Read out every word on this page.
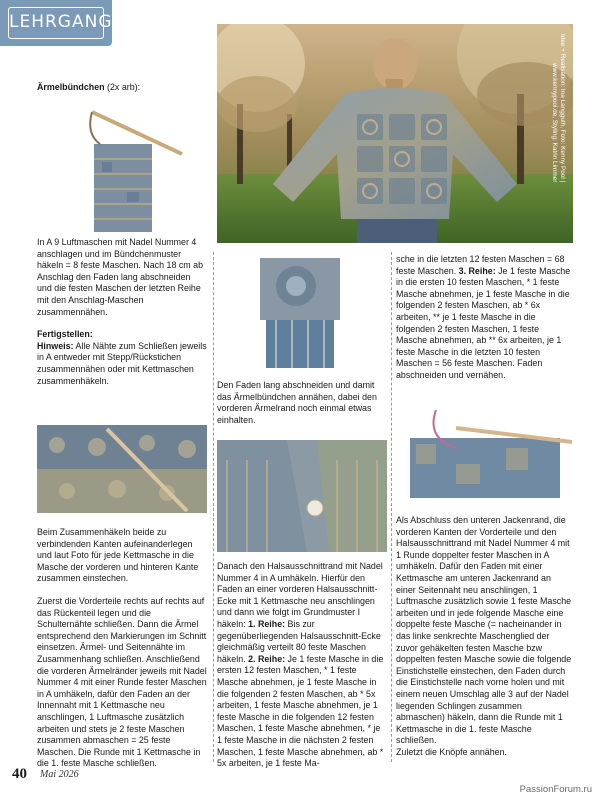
LEHRGANG
Idee + Realisation: Ina Langguth, Foto: Kenny Pool | www.kennypool.de, Styling: Katrin Limmer

Ärmelbündchen (2x arb):

In A 9 Luftmaschen mit Nadel Nummer 4 anschlagen und im Bündchenmuster häkeln = 8 feste Maschen. Nach 18 cm ab Anschlag den Faden lang abschneiden und die festen Maschen der letzten Reihe mit den Anschlag-Maschen zusammennähen.

Fertigstellen:

Hinweis: Alle Nähte zum Schließen jeweils in A entweder mit Stepp/Rückstichen zusammennähen oder mit Kettmaschen zusammenhäkeln.

Beim Zusammenhäkeln beide zu verbindenden Kanten aufeinanderlegen und laut Foto für jede Kettmasche in die Masche der vorderen und hinteren Kante zusammen einstechen.

Zuerst die Vorderteile rechts auf rechts auf das Rückenteil legen und die Schulternähte schließen. Dann die Ärmel entsprechend den Markierungen im Schnitt einsetzen. Ärmel- und Seitennähte im Zusammenhang schließen. Anschließend die vorderen Ärmelränder jeweils mit Nadel Nummer 4 mit einer Runde fester Maschen in A umhäkeln, dafür den Faden an der Innennaht mit 1 Kettmasche neu anschlingen, 1 Luftmasche zusätzlich arbeiten und stets je 2 feste Maschen zusammen abmaschen = 25 feste Maschen. Die Runde mit 1 Kettmasche in die 1. feste Masche schließen.

Den Faden lang abschneiden und damit das Ärmelbündchen annähen, dabei den vorderen Ärmelrand noch einmal etwas einhalten.

Danach den Halsausschnittrand mit Nadel Nummer 4 in A umhäkeln. Hierfür den Faden an einer vorderen Halsausschnitt-Ecke mit 1 Kettmasche neu anschlingen und dann wie folgt im Grundmuster I häkeln: 1. Reihe: Bis zur gegenüberliegenden Halsausschnitt-Ecke gleichmäßig verteilt 80 feste Maschen häkeln. 2. Reihe: Je 1 feste Masche in die ersten 12 festen Maschen, * 1 feste Masche abnehmen, je 1 feste Masche in die folgenden 2 festen Maschen, ab * 5x arbeiten, 1 feste Masche abnehmen, je 1 feste Masche in die folgenden 12 festen Maschen, 1 feste Masche abnehmen, * je 1 feste Masche in die nächsten 2 festen Maschen, 1 feste Masche abnehmen, ab * 5x arbeiten, je 1 feste Ma-

sche in die letzten 12 festen Maschen = 68 feste Maschen. 3. Reihe: Je 1 feste Masche in die ersten 10 festen Maschen, * 1 feste Masche abnehmen, je 1 feste Masche in die folgenden 2 festen Maschen, ab * 6x arbeiten, ** je 1 feste Masche in die folgenden 2 festen Maschen, 1 feste Masche abnehmen, ab ** 6x arbeiten, je 1 feste Masche in die letzten 10 festen Maschen = 56 feste Maschen. Faden abschneiden und vernähen.

Als Abschluss den unteren Jackenrand, die vorderen Kanten der Vorderteile und den Halsausschnittrand mit Nadel Nummer 4 mit 1 Runde doppelter fester Maschen in A umhäkeln. Dafür den Faden mit einer Kettmasche am unteren Jackenrand an einer Seitennaht neu anschlingen, 1 Luftmasche zusätzlich sowie 1 feste Masche arbeiten und in jede folgende Masche eine doppelte feste Masche (= nacheinander in das linke senkrechte Maschenglied der zuvor gehäkelten festen Masche bzw doppelten festen Masche sowie die folgende Einstichstelle einstechen, den Faden durch die Einstichstelle nach vorne holen und mit einem neuen Umschlag alle 3 auf der Nadel liegenden Schlingen zusammen abmaschen) häkeln, dann die Runde mit 1 Kettmasche in die 1. feste Masche schließen.

Zuletzt die Knöpfe annähen.

40 Mai 2026
PassionForum.ru
